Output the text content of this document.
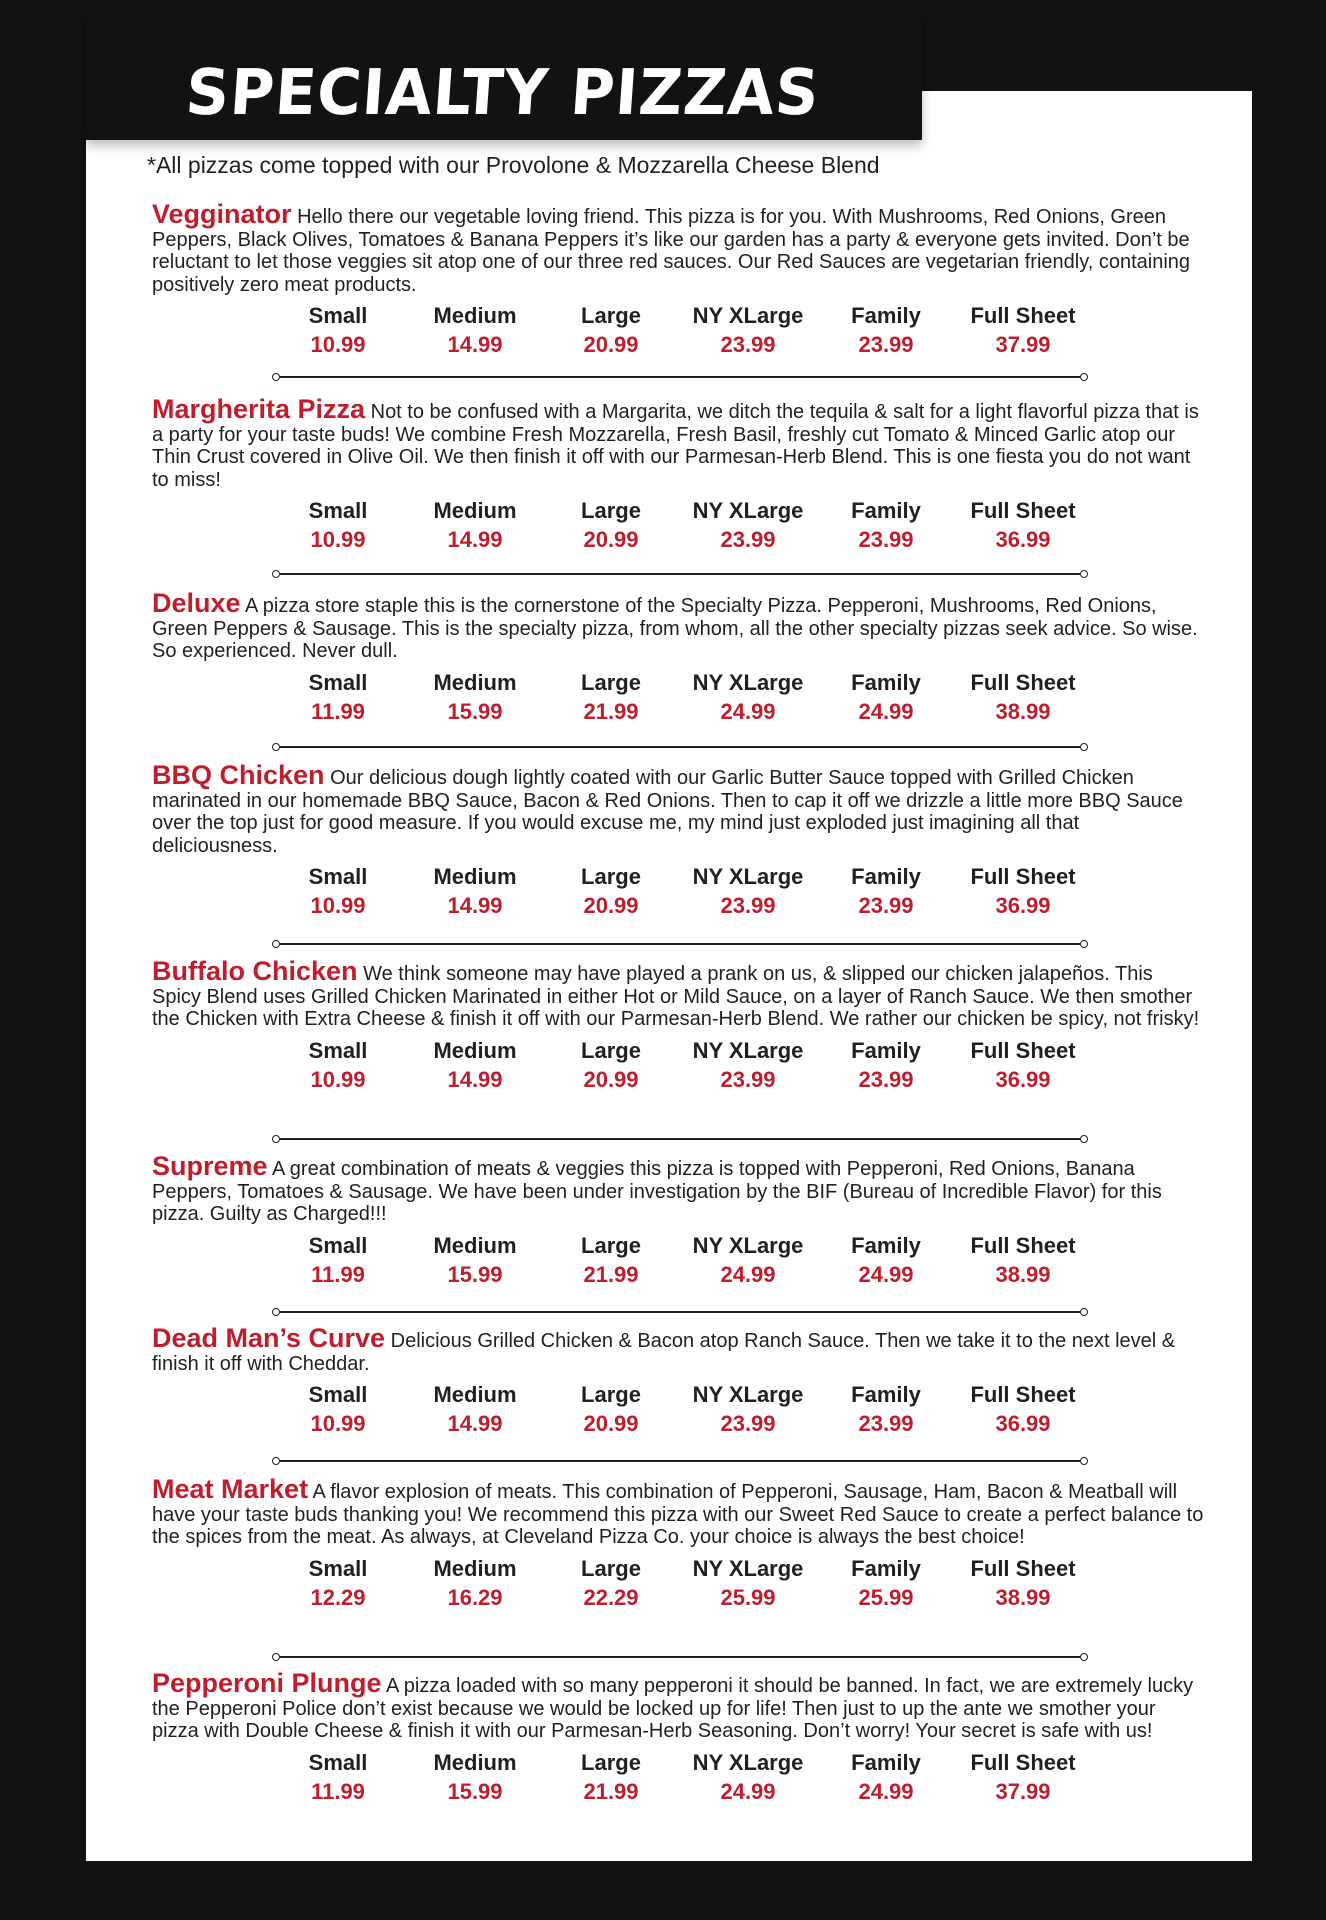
SPECIALTY PIZZAS
*All pizzas come topped with our Provolone & Mozzarella Cheese Blend

Vegginator Hello there our vegetable loving friend. This pizza is for you. With Mushrooms, Red Onions, Green Peppers, Black Olives, Tomatoes & Banana Peppers it’s like our garden has a party & everyone gets invited. Don’t be reluctant to let those veggies sit atop one of our three red sauces. Our Red Sauces are vegetarian friendly, containing positively zero meat products.

Small
10.99
Medium
14.99
Large
20.99
NY XLarge
23.99
Family
23.99
Full Sheet
37.99

Margherita Pizza Not to be confused with a Margarita, we ditch the tequila & salt for a light flavorful pizza that is a party for your taste buds! We combine Fresh Mozzarella, Fresh Basil, freshly cut Tomato & Minced Garlic atop our Thin Crust covered in Olive Oil. We then finish it off with our Parmesan-Herb Blend. This is one fiesta you do not want to miss!

Small
10.99
Medium
14.99
Large
20.99
NY XLarge
23.99
Family
23.99
Full Sheet
36.99

Deluxe A pizza store staple this is the cornerstone of the Specialty Pizza. Pepperoni, Mushrooms, Red Onions, Green Peppers & Sausage. This is the specialty pizza, from whom, all the other specialty pizzas seek advice. So wise. So experienced. Never dull.

Small
11.99
Medium
15.99
Large
21.99
NY XLarge
24.99
Family
24.99
Full Sheet
38.99

BBQ Chicken Our delicious dough lightly coated with our Garlic Butter Sauce topped with Grilled Chicken marinated in our homemade BBQ Sauce, Bacon & Red Onions. Then to cap it off we drizzle a little more BBQ Sauce over the top just for good measure. If you would excuse me, my mind just exploded just imagining all that deliciousness.

Small
10.99
Medium
14.99
Large
20.99
NY XLarge
23.99
Family
23.99
Full Sheet
36.99

Buffalo Chicken We think someone may have played a prank on us, & slipped our chicken jalapeños. This Spicy Blend uses Grilled Chicken Marinated in either Hot or Mild Sauce, on a layer of Ranch Sauce. We then smother the Chicken with Extra Cheese & finish it off with our Parmesan-Herb Blend. We rather our chicken be spicy, not frisky!

Small
10.99
Medium
14.99
Large
20.99
NY XLarge
23.99
Family
23.99
Full Sheet
36.99

Supreme A great combination of meats & veggies this pizza is topped with Pepperoni, Red Onions, Banana Peppers, Tomatoes & Sausage. We have been under investigation by the BIF (Bureau of Incredible Flavor) for this pizza. Guilty as Charged!!!

Small
11.99
Medium
15.99
Large
21.99
NY XLarge
24.99
Family
24.99
Full Sheet
38.99

Dead Man’s Curve Delicious Grilled Chicken & Bacon atop Ranch Sauce. Then we take it to the next level & finish it off with Cheddar.

Small
10.99
Medium
14.99
Large
20.99
NY XLarge
23.99
Family
23.99
Full Sheet
36.99

Meat Market A flavor explosion of meats. This combination of Pepperoni, Sausage, Ham, Bacon & Meatball will have your taste buds thanking you! We recommend this pizza with our Sweet Red Sauce to create a perfect balance to the spices from the meat. As always, at Cleveland Pizza Co. your choice is always the best choice!

Small
12.29
Medium
16.29
Large
22.29
NY XLarge
25.99
Family
25.99
Full Sheet
38.99

Pepperoni Plunge A pizza loaded with so many pepperoni it should be banned. In fact, we are extremely lucky the Pepperoni Police don’t exist because we would be locked up for life! Then just to up the ante we smother your pizza with Double Cheese & finish it with our Parmesan-Herb Seasoning. Don’t worry! Your secret is safe with us!

Small
11.99
Medium
15.99
Large
21.99
NY XLarge
24.99
Family
24.99
Full Sheet
37.99
